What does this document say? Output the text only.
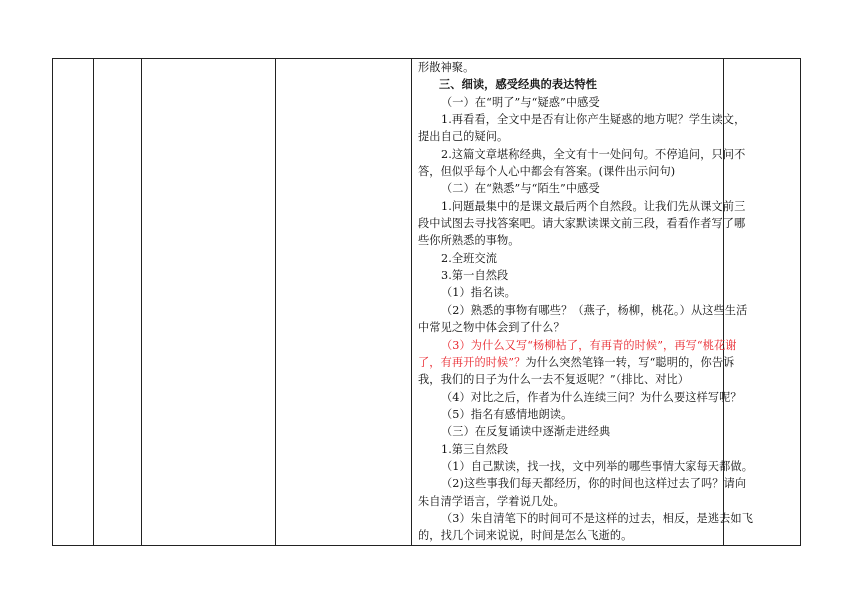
形散神聚。
三、细读，感受经典的表达特性
（一）在“明了”与“疑惑”中感受
1.再看看，全文中是否有让你产生疑惑的地方呢？学生读文，
提出自己的疑问。
2.这篇文章堪称经典，全文有十一处问句。不停追问，只问不
答，但似乎每个人心中都会有答案。(课件出示问句)
（二）在“熟悉”与“陌生”中感受
1.问题最集中的是课文最后两个自然段。让我们先从课文前三
段中试图去寻找答案吧。请大家默读课文前三段，看看作者写了哪
些你所熟悉的事物。
2.全班交流
3.第一自然段
（1）指名读。
（2）熟悉的事物有哪些？（燕子，杨柳，桃花。）从这些生活
中常见之物中体会到了什么？
（3）为什么又写“杨柳枯了，有再青的时候”，再写“桃花谢
了，有再开的时候”？为什么突然笔锋一转，写“聪明的，你告诉
我，我们的日子为什么一去不复返呢？”（排比、对比）
（4）对比之后，作者为什么连续三问？为什么要这样写呢？
（5）指名有感情地朗读。
（三）在反复诵读中逐渐走进经典
1.第三自然段
（1）自己默读，找一找，文中列举的哪些事情大家每天都做。
（2)这些事我们每天都经历，你的时间也这样过去了吗？请向
朱自清学语言，学着说几处。
（3）朱自清笔下的时间可不是这样的过去，相反，是逃去如飞
的，找几个词来说说，时间是怎么飞逝的。
